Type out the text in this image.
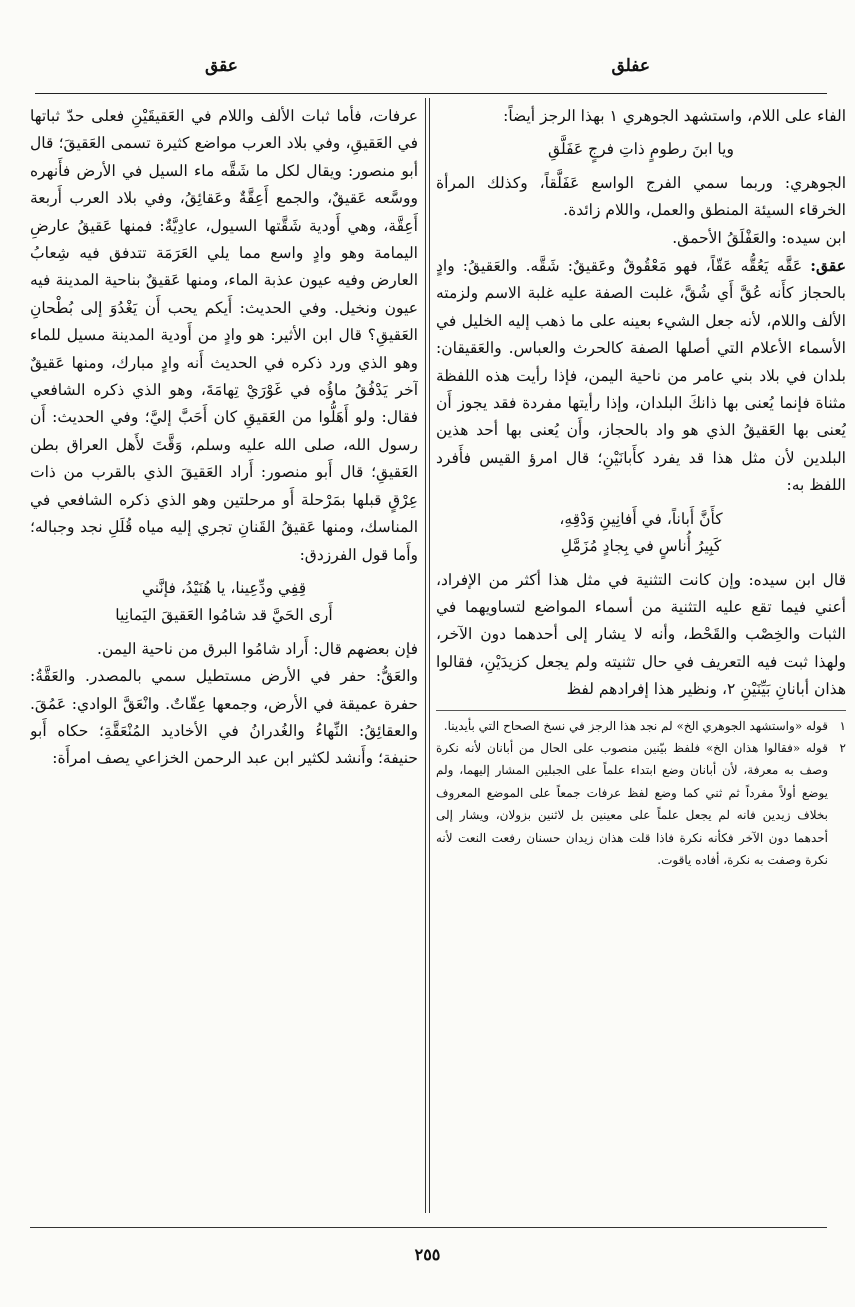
عفلق
عقق

الفاء على اللام، واستشهد الجوهري ١ بهذا الرجز أيضاً:

ويا ابنَ رطومٍ ذاتِ فرجٍ عَفَلَّقِ

الجوهري: وربما سمي الفرج الواسع عَفَلَّقاً، وكذلك المرأة الخرقاء السيئة المنطق والعمل، واللام زائدة.

ابن سيده: والعَفْلَقُ الأحمق.

عقق: عَقَّه يَعُقُّه عَقّاً، فهو مَعْقُوقٌ وعَقيقٌ: شَقَّه. والعَقيقُ: وادٍ بالحجاز كأَنه عُقَّ أَي شُقَّ، غلبت الصفة عليه غلبة الاسم ولزمته الألف واللام، لأنه جعل الشيء بعينه على ما ذهب إليه الخليل في الأسماء الأعلام التي أصلها الصفة كالحرث والعباس. والعَقيقان: بلدان في بلاد بني عامر من ناحية اليمن، فإذا رأيت هذه اللفظة مثناة فإنما يُعنى بها ذانكَ البلدان، وإذا رأيتها مفردة فقد يجوز أَن يُعنى بها العَقيقُ الذي هو واد بالحجاز، وأَن يُعنى بها أحد هذين البلدين لأن مثل هذا قد يفرد كأَبانَيْنِ؛ قال امرؤ القيس فأَفرد اللفظ به:

كأَنَّ أَباناً، في أَفانِينِ وَدْقِهِ،
كَبِيرُ أُناسٍ في بِجادٍ مُزَمَّلِ

قال ابن سيده: وإن كانت التثنية في مثل هذا أكثر من الإفراد، أعني فيما تقع عليه التثنية من أسماء المواضع لتساويهما في الثبات والخِصْب والقَحْط، وأنه لا يشار إلى أحدهما دون الآخر، ولهذا ثبت فيه التعريف في حال تثنيته ولم يجعل كزيدَيْنِ، فقالوا هذان أبانانِ بَيِّنَيْنِ ٢، ونظير هذا إفرادهم لفظ

١
قوله «واستشهد الجوهري الخ» لم نجد هذا الرجز في نسخ الصحاح التي بأيدينا.
٢
قوله «فقالوا هذان الخ» فلفظ بيّنين منصوب على الحال من أبانان لأنه نكرة وصف به معرفة، لأن أبانان وضع ابتداء علماً على الجبلين المشار إليهما، ولم يوضع أولاً مفرداً ثم ثني كما وضع لفظ عرفات جمعاً على الموضع المعروف بخلاف زيدين فانه لم يجعل علماً على معينين بل لاثنين بزولان، ويشار إلى أحدهما دون الآخر فكأنه نكرة فاذا قلت هذان زيدان حسنان رفعت النعت لأنه نكرة وصفت به نكرة، أفاده ياقوت.

عرفات، فأما ثبات الألف واللام في العَقيقَيْنِ فعلى حدّ ثباتها في العَقيقِ، وفي بلاد العرب مواضع كثيرة تسمى العَقيقَ؛ قال أبو منصور: ويقال لكل ما شَقَّه ماء السيل في الأرض فأَنهره ووسَّعه عَقيقٌ، والجمع أَعِقَّةٌ وعَقائِقُ، وفي بلاد العرب أَربعة أَعِقَّة، وهي أَودية شَقَّتها السيول، عادِيَّةٌ: فمنها عَقيقُ عارضِ اليمامة وهو وادٍ واسع مما يلي العَرَمَة تتدفق فيه شِعابُ العارض وفيه عيون عذبة الماء، ومنها عَقيقٌ بناحية المدينة فيه عيون ونخيل. وفي الحديث: أَيكم يحب أَن يَغْدُوَ إلى بُطْحانِ العَقيقِ؟ قال ابن الأثير: هو وادٍ من أَودية المدينة مسيل للماء وهو الذي ورد ذكره في الحديث أَنه وادٍ مبارك، ومنها عَقيقٌ آخر يَدْفُقُ ماؤُه في غَوْرَيْ تِهامَةَ، وهو الذي ذكره الشافعي فقال: ولو أَهَلُّوا من العَقيقِ كان أَحَبَّ إليَّ؛ وفي الحديث: أَن رسول الله، صلى الله عليه وسلم، وَقَّتَ لأَهل العراق بطن العَقيقِ؛ قال أَبو منصور: أَراد العَقيقَ الذي بالقرب من ذات عِرْقٍ قبلها بمَرْحلة أَو مرحلتين وهو الذي ذكره الشافعي في المناسك، ومنها عَقيقُ القَنانِ تجري إليه مياه قُلَلِ نجد وجباله؛ وأَما قول الفرزدق:

قِفِي ودِّعِينا، يا هُنَيْدُ، فإنَّني
أَرى الحَيَّ قد شامُوا العَقيقَ اليَمانِيا

فإن بعضهم قال: أَراد شامُوا البرق من ناحية اليمن.

والعَقُّ: حفر في الأرض مستطيل سمي بالمصدر. والعَقَّةُ: حفرة عميقة في الأرض، وجمعها عِقّاتٌ. وانْعَقَّ الوادي: عَمُقَ. والعقائِقُ: النِّهاءُ والغُدرانُ في الأخاديد المُنْعَقَّةِ؛ حكاه أَبو حنيفة؛ وأَنشد لكثير ابن عبد الرحمن الخزاعي يصف امرأَة:

٢٥٥
